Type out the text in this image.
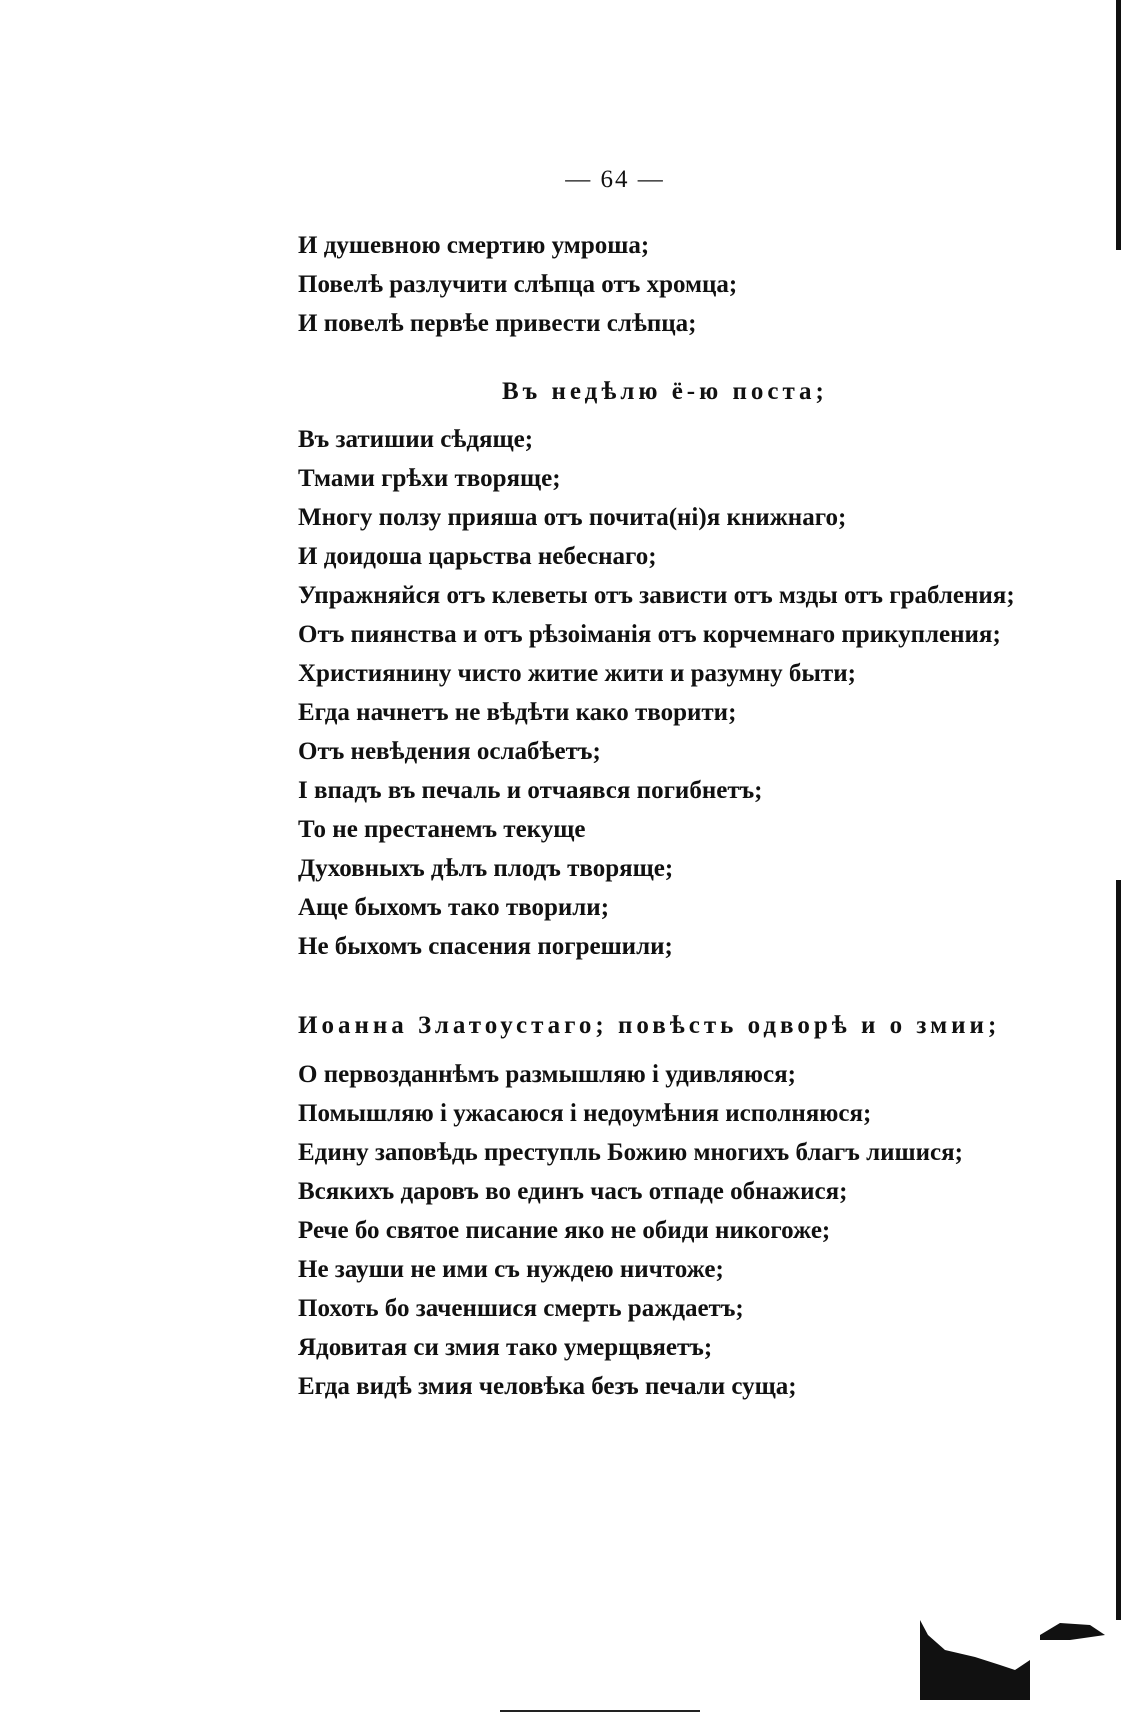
— 64 —
И душевною смертию умроша;
Повелѣ разлучити слѣпца отъ хромца;
И повелѣ первѣе привести слѣпца;
Въ недѣлю ё-ю поста;
Въ затишии сѣдяще;
Тмами грѣхи творяще;
Многу ползу прияша отъ почита(ні)я книжнаго;
И доидоша царьства небеснаго;
Упражняйся отъ клеветы отъ зависти отъ мзды отъ грабления;
Отъ пиянства и отъ рѣзоіманія отъ корчемнаго прикупления;
Християнину чисто житие жити и разумну быти;
Егда начнетъ не вѣдѣти како творити;
Отъ невѣдения ослабѣетъ;
I впадъ въ печаль и отчаявся погибнетъ;
То не престанемъ текуще
Духовныхъ дѣлъ плодъ творяще;
Аще быхомъ тако творили;
Не быхомъ спасения погрешили;
Иоанна Златоустаго; повѣсть одворѣ и о змии;
О первозданнѣмъ размышляю і удивляюся;
Помышляю і ужасаюся і недоумѣния исполняюся;
Едину заповѣдь преступль Божию многихъ благъ лишися;
Всякихъ даровъ во единъ часъ отпаде обнажися;
Рече бо святое писание яко не обиди никогоже;
Не зауши не ими съ нуждею ничтоже;
Похоть бо заченшися смерть раждаетъ;
Ядовитая си змия тако умерщвяетъ;
Егда видѣ змия человѣка безъ печали суща;
